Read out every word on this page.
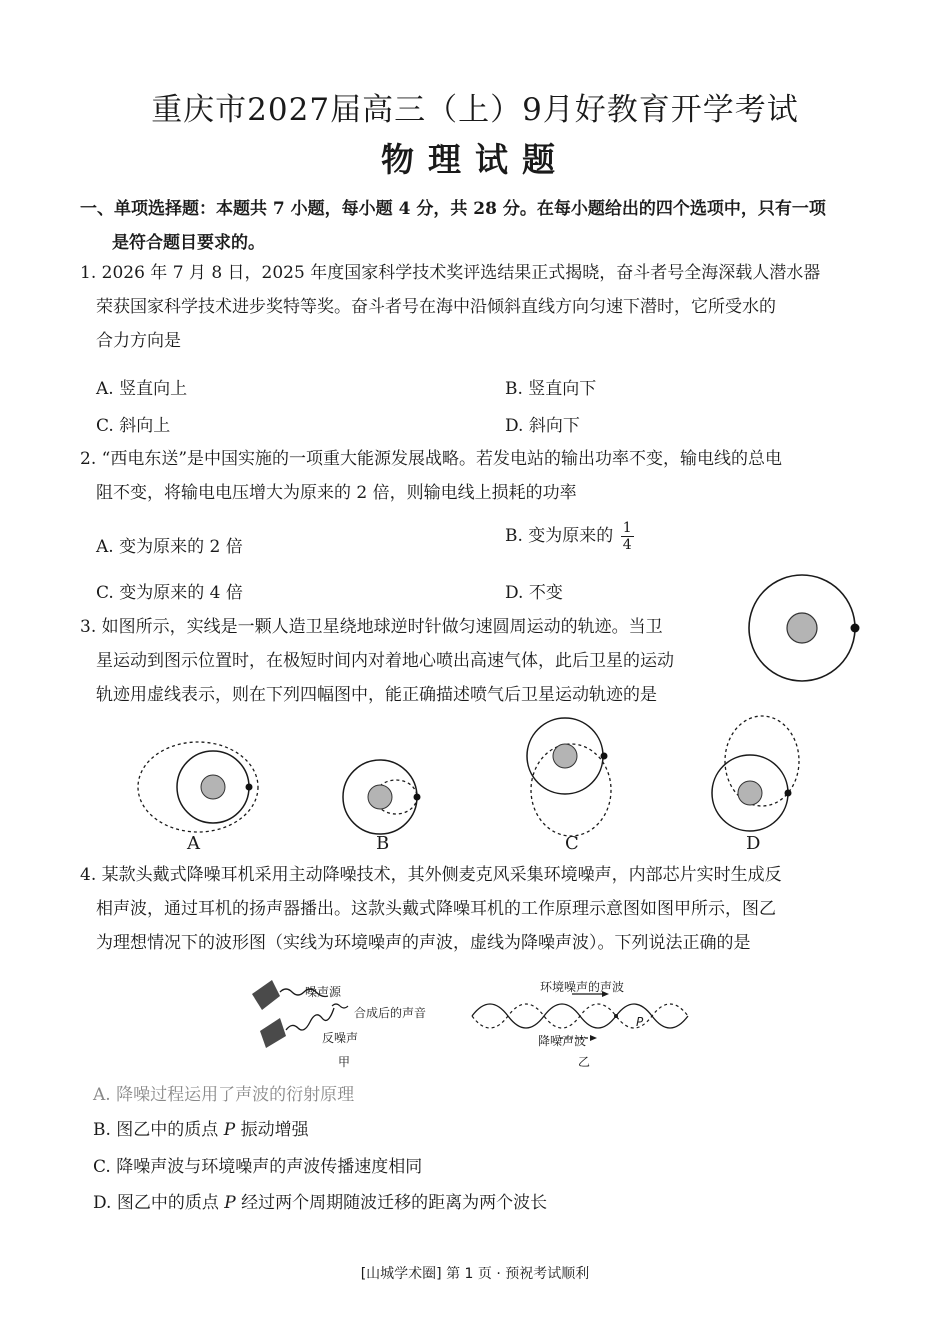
重庆市2027届高三（上）9月好教育开学考试
物理试题
一、单项选择题：本题共 7 小题，每小题 4 分，共 28 分。在每小题给出的四个选项中，只有一项
是符合题目要求的。
1. 2026 年 7 月 8 日，2025 年度国家科学技术奖评选结果正式揭晓，奋斗者号全海深载人潜水器
荣获国家科学技术进步奖特等奖。奋斗者号在海中沿倾斜直线方向匀速下潜时，它所受水的
合力方向是
A. 竖直向上	B. 竖直向下
C. 斜向上	D. 斜向下
2. “西电东送”是中国实施的一项重大能源发展战略。若发电站的输出功率不变，输电线的总电
阻不变，将输电电压增大为原来的 2 倍，则输电线上损耗的功率
A. 变为原来的 2 倍
B. 变为原来的 $\frac{1}{4}$
C. 变为原来的 4 倍	D. 不变
3. 如图所示，实线是一颗人造卫星绕地球逆时针做匀速圆周运动的轨迹。当卫
星运动到图示位置时，在极短时间内对着地心喷出高速气体，此后卫星的运动
轨迹用虚线表示，则在下列四幅图中，能正确描述喷气后卫星运动轨迹的是
A	B	C	D
4. 某款头戴式降噪耳机采用主动降噪技术，其外侧麦克风采集环境噪声，内部芯片实时生成反
相声波，通过耳机的扬声器播出。这款头戴式降噪耳机的工作原理示意图如图甲所示，图乙
为理想情况下的波形图（实线为环境噪声的声波，虚线为降噪声波）。下列说法正确的是
噪声源
合成后的声音
反噪声
甲
环境噪声的声波
P
降噪声波
乙
A. 降噪过程运用了声波的衍射原理
B. 图乙中的质点 P 振动增强
C. 降噪声波与环境噪声的声波传播速度相同
D. 图乙中的质点 P 经过两个周期随波迁移的距离为两个波长
[山城学术圈] 第 1 页 · 预祝考试顺利
